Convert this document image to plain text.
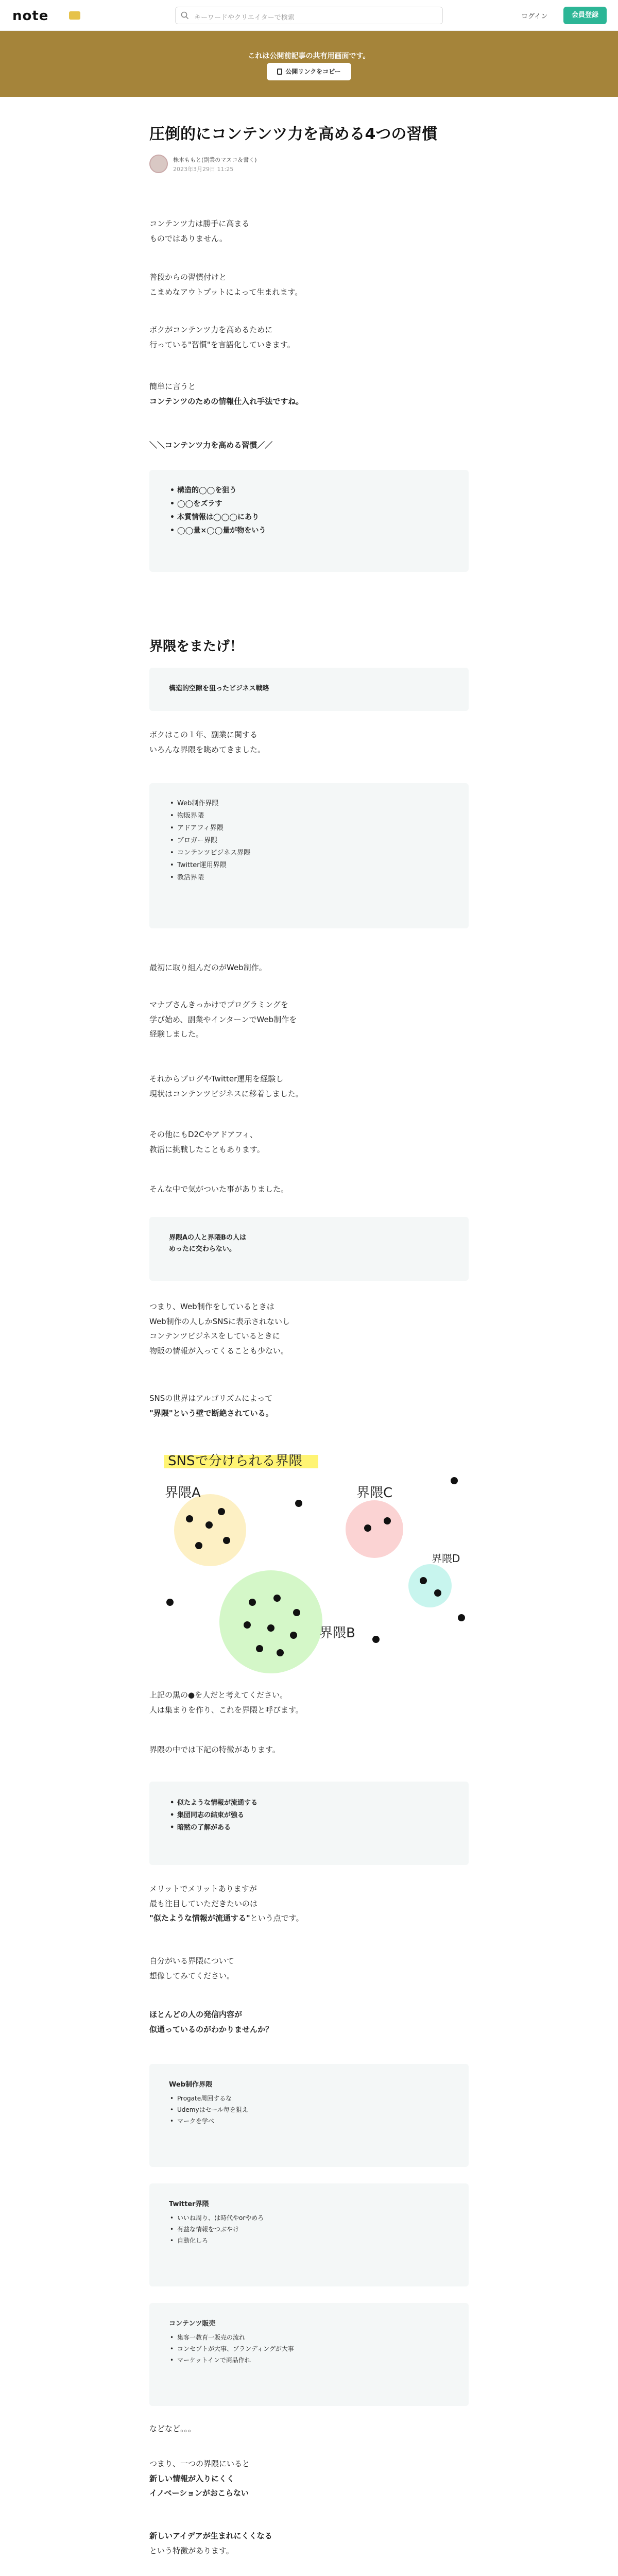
note	キーワードやクリエイターで検索	ログイン	会員登録
これは公開前記事の共有用画面です。
公開リンクをコピー
圧倒的にコンテンツ力を高める4つの習慣
株本ももと(副業のマスコ＆書く)
2023年3月29日 11:25
コンテンツ力は勝手に高まる
ものではありません。
普段からの習慣付けと
こまめなアウトプットによって生まれます。
ボクがコンテンツ力を高めるために
行っている"習慣"を言語化していきます。
簡単に言うと
コンテンツのための情報仕入れ手法ですね。
＼＼コンテンツ力を高める習慣／／
• 構造的◯◯を狙う
• ◯◯をズラす
• 本質情報は◯◯◯にあり
• ◯◯量×◯◯量が物をいう
界隈をまたげ！
構造的空隙を狙ったビジネス戦略
ボクはこの１年、副業に関する
いろんな界隈を眺めてきました。
• Web制作界隈
• 物販界隈
• アドアフィ界隈
• ブロガー界隈
• コンテンツビジネス界隈
• Twitter運用界隈
• 教活界隈
最初に取り組んだのがWeb制作。
マナブさんきっかけでプログラミングを
学び始め、副業やインターンでWeb制作を
経験しました。
それからブログやTwitter運用を経験し
現状はコンテンツビジネスに移着しました。
その他にもD2Cやアドアフィ、
教活に挑戦したこともあります。
そんな中で気がついた事がありました。
界隈Aの人と界隈Bの人は
めったに交わらない。
つまり、Web制作をしているときは
Web制作の人しかSNSに表示されないし
コンテンツビジネスをしているときに
物販の情報が入ってくることも少ない。
SNSの世界はアルゴリズムによって
"界隈"という壁で断絶されている。
SNSで分けられる界隈
界隈A
界隈B
界隈C
界隈D
上記の黒の●を人だと考えてください。
人は集まりを作り、これを界隈と呼びます。
界隈の中では下記の特徴があります。
• 似たような情報が流通する
• 集団同志の結束が強る
• 暗黙の了解がある
メリットでメリットありますが
最も注目していただきたいのは
"似たような情報が流通する"という点です。
自分がいる界隈について
想像してみてください。
ほとんどの人の発信内容が
似通っているのがわかりませんか？
Web制作界隈
• Progate周回するな
• Udemyはセール毎を狙え
• マークを学べ
Twitter界隈
• いいね周り、は時代やorやめろ
• 有益な情報をつぶやけ
• 自動化しろ
コンテンツ販売
• 集客一教育一販売の流れ
• コンセプトが大事、ブランディングが大事
• マーケットインで商品作れ
などなど。。。
つまり、一つの界隈にいると
新しい情報が入りにくく
イノベーションがおこらない
新しいアイデアが生まれにくくなる
という特徴があります。
